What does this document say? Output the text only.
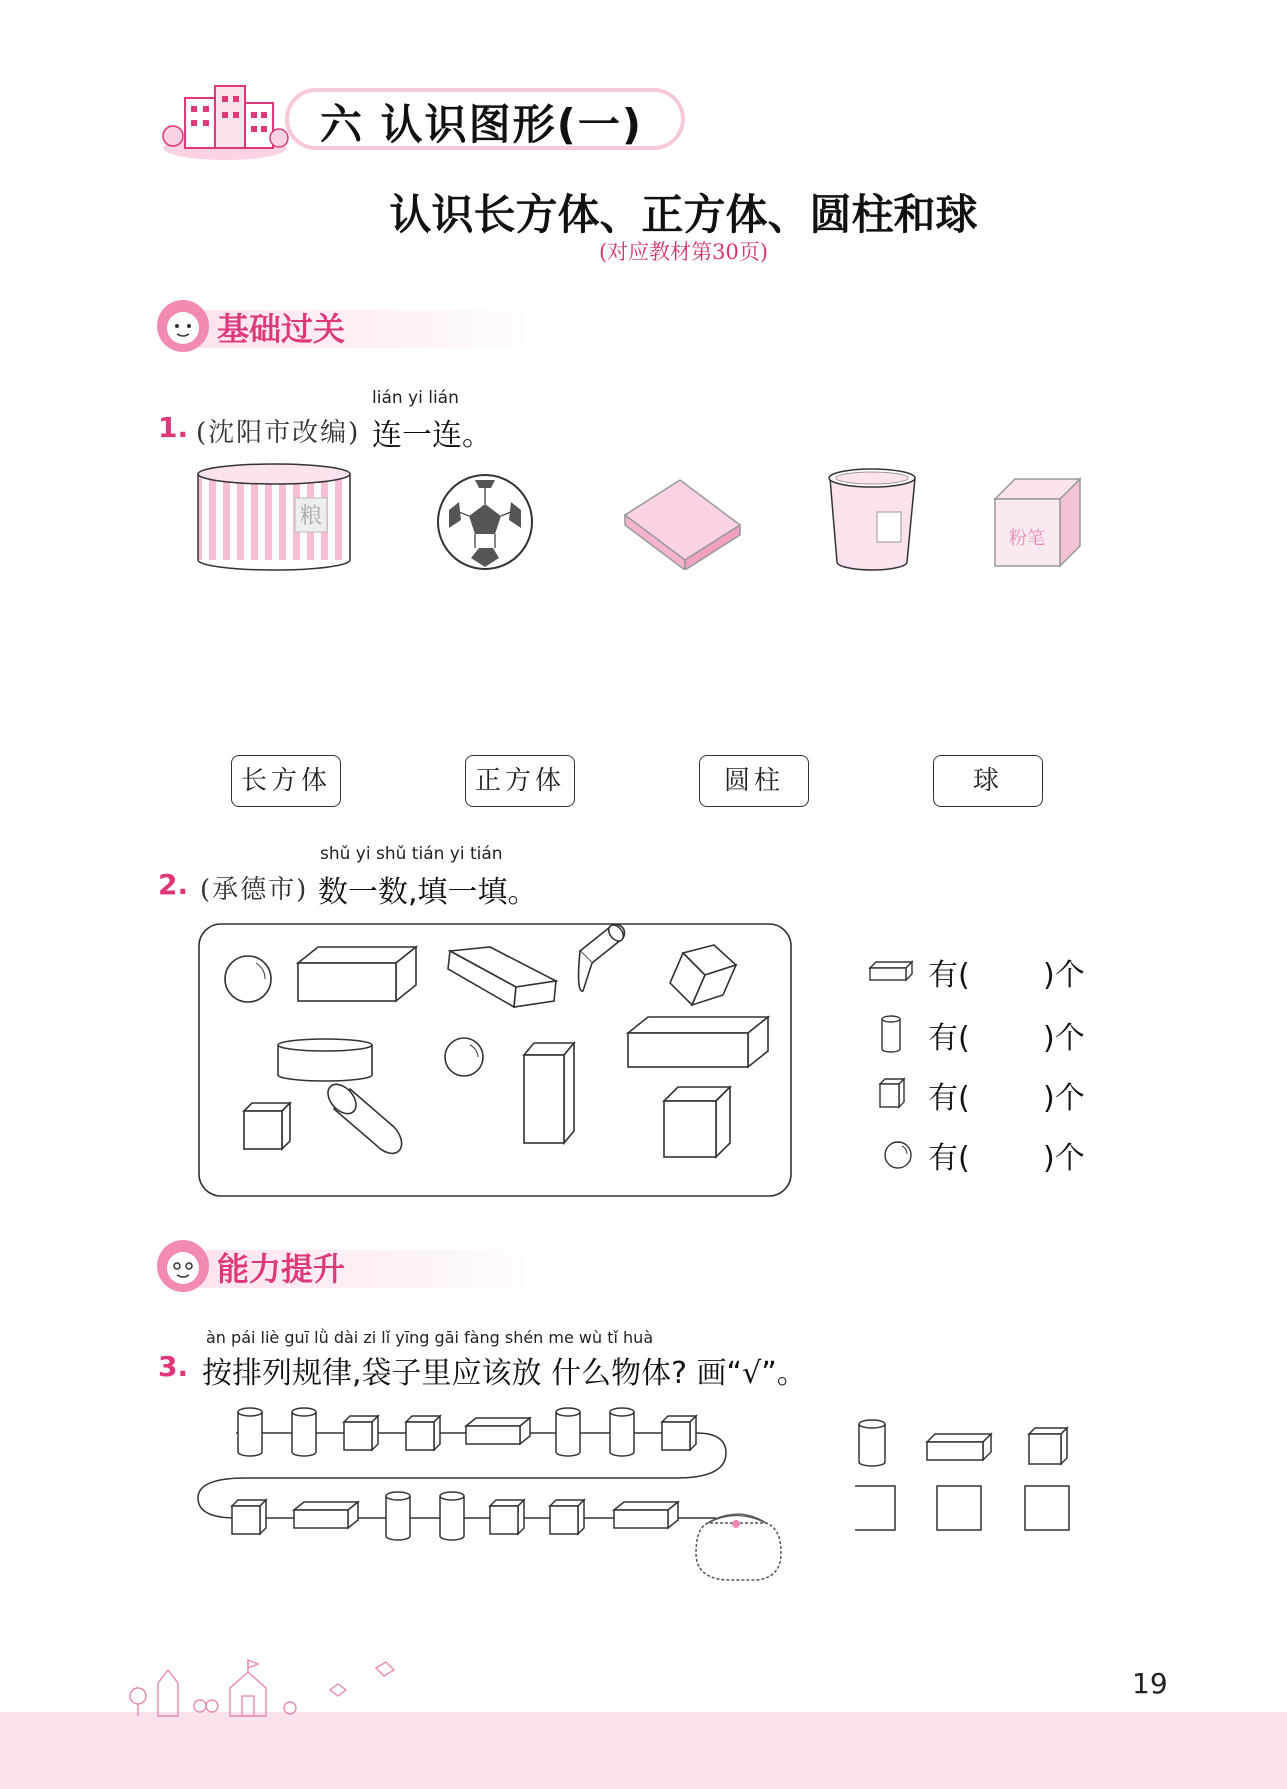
六 认识图形(一)
认识长方体、正方体、圆柱和球
(对应教材第30页)
基础过关
lián yi lián
1. (沈阳市改编) 连一连。
粮
粉笔
长方体	正方体	圆柱	球
shǔ yi shǔ tián yi tián
2. (承德市) 数一数,填一填。
有( )个
有( )个
有( )个
有( )个
能力提升
àn pái liè guī lǜ dài zi lǐ yīng gāi fàng shén me wù tǐ huà
3. 按排列规律,袋子里应该放 什么物体? 画“√”。
19
